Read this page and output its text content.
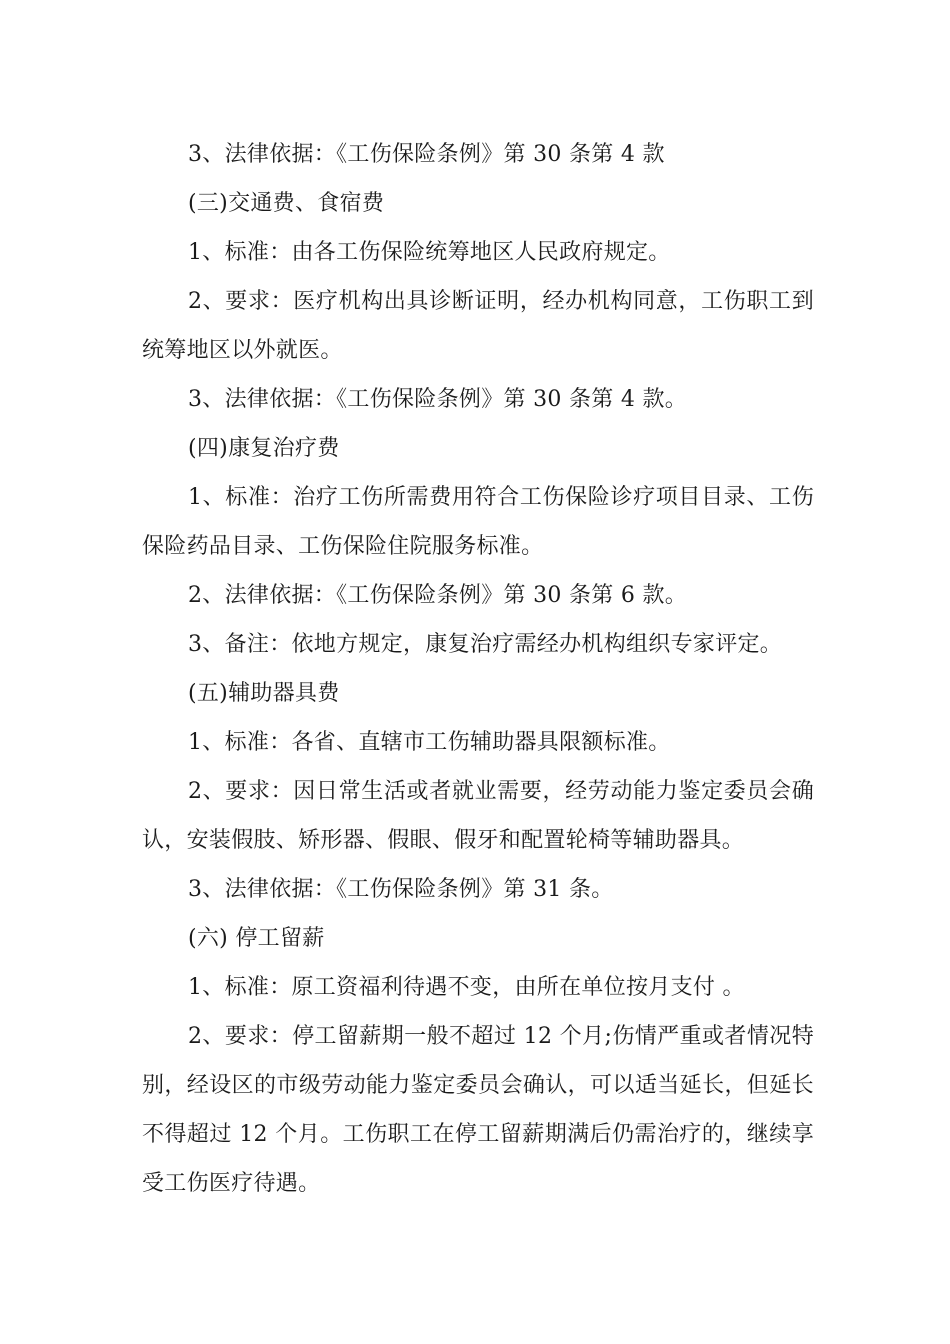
3、法律依据：《工伤保险条例》第 30 条第 4 款

(三)交通费、食宿费

1、标准：由各工伤保险统筹地区人民政府规定。

2、要求：医疗机构出具诊断证明，经办机构同意，工伤职工到统筹地区以外就医。

3、法律依据：《工伤保险条例》第 30 条第 4 款。

(四)康复治疗费

1、标准：治疗工伤所需费用符合工伤保险诊疗项目目录、工伤保险药品目录、工伤保险住院服务标准。

2、法律依据：《工伤保险条例》第 30 条第 6 款。

3、备注：依地方规定，康复治疗需经办机构组织专家评定。

(五)辅助器具费

1、标准：各省、直辖市工伤辅助器具限额标准。

2、要求：因日常生活或者就业需要，经劳动能力鉴定委员会确认，安装假肢、矫形器、假眼、假牙和配置轮椅等辅助器具。

3、法律依据：《工伤保险条例》第 31 条。

(六) 停工留薪

1、标准：原工资福利待遇不变，由所在单位按月支付 。

2、要求：停工留薪期一般不超过 12 个月;伤情严重或者情况特别，经设区的市级劳动能力鉴定委员会确认，可以适当延长，但延长不得超过 12 个月。工伤职工在停工留薪期满后仍需治疗的，继续享受工伤医疗待遇。
